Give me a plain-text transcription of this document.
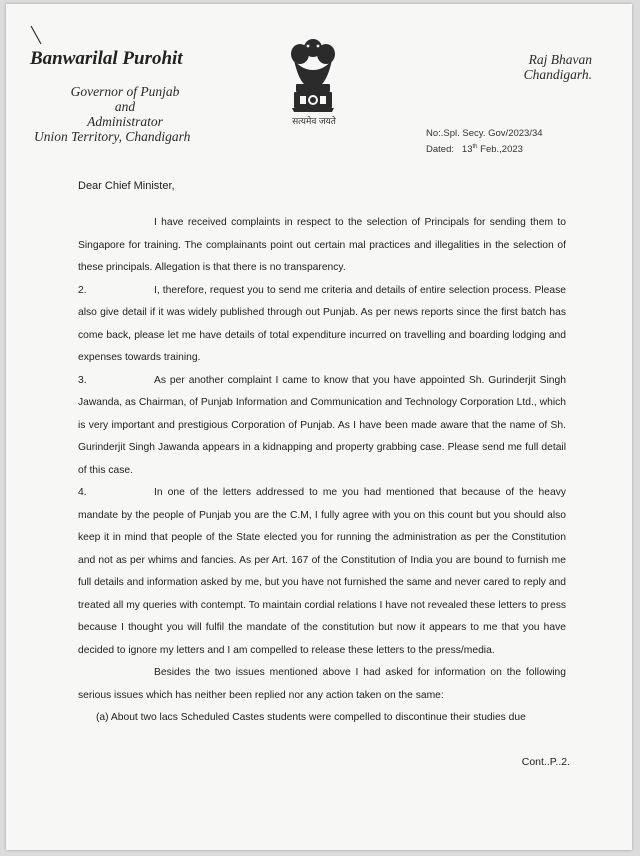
Banwarilal Purohit
Governor of Punjab
and
Administrator
Union Territory, Chandigarh
सत्यमेव जयते
Raj Bhavan
Chandigarh.
No:.Spl. Secy. Gov/2023/34
Dated: 13th Feb.,2023
Dear Chief Minister,

I have received complaints in respect to the selection of Principals for sending them to Singapore for training. The complainants point out certain mal practices and illegalities in the selection of these principals. Allegation is that there is no transparency.

2.	I, therefore, request you to send me criteria and details of entire selection process. Please also give detail if it was widely published through out Punjab. As per news reports since the first batch has come back, please let me have details of total expenditure incurred on travelling and boarding lodging and expenses towards training.

3.	As per another complaint I came to know that you have appointed Sh. Gurinderjit Singh Jawanda, as Chairman, of Punjab Information and Communication and Technology Corporation Ltd., which is very important and prestigious Corporation of Punjab. As I have been made aware that the name of Sh. Gurinderjit Singh Jawanda appears in a kidnapping and property grabbing case. Please send me full detail of this case.

4.	In one of the letters addressed to me you had mentioned that because of the heavy mandate by the people of Punjab you are the C.M, I fully agree with you on this count but you should also keep it in mind that people of the State elected you for running the administration as per the Constitution and not as per whims and fancies. As per Art. 167 of the Constitution of India you are bound to furnish me full details and information asked by me, but you have not furnished the same and never cared to reply and treated all my queries with contempt. To maintain cordial relations I have not revealed these letters to press because I thought you will fulfil the mandate of the constitution but now it appears to me that you have decided to ignore my letters and I am compelled to release these letters to the press/media.

Besides the two issues mentioned above I had asked for information on the following serious issues which has neither been replied nor any action taken on the same:

(a) About two lacs Scheduled Castes students were compelled to discontinue their studies due

Cont..P..2.
